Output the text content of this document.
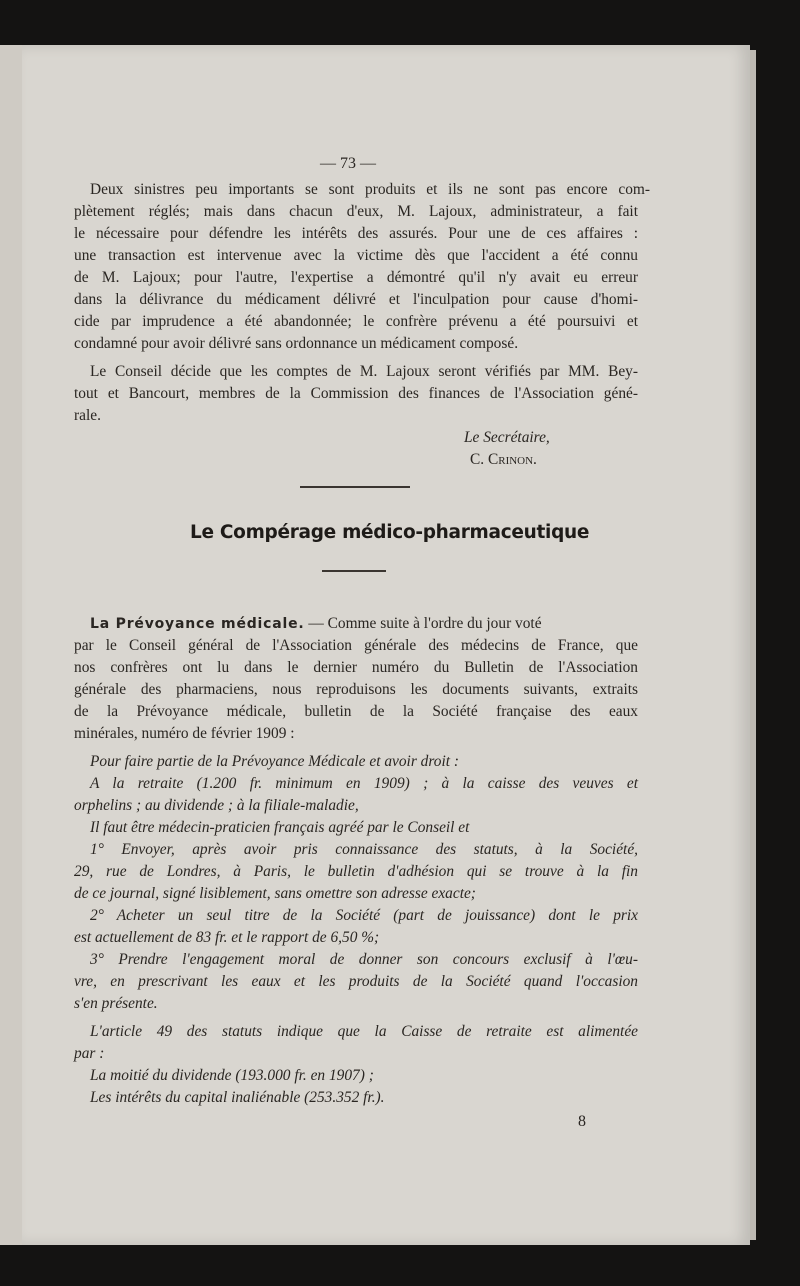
— 73 —
Deux sinistres peu importants se sont produits et ils ne sont pas encore com-
plètement réglés; mais dans chacun d'eux, M. Lajoux, administrateur, a fait
le nécessaire pour défendre les intérêts des assurés. Pour une de ces affaires :
une transaction est intervenue avec la victime dès que l'accident a été connu
de M. Lajoux; pour l'autre, l'expertise a démontré qu'il n'y avait eu erreur
dans la délivrance du médicament délivré et l'inculpation pour cause d'homi-
cide par imprudence a été abandonnée; le confrère prévenu a été poursuivi et
condamné pour avoir délivré sans ordonnance un médicament composé.
Le Conseil décide que les comptes de M. Lajoux seront vérifiés par MM. Bey-
tout et Bancourt, membres de la Commission des finances de l'Association géné-
rale.
Le Secrétaire,
C. Crinon.
Le Compérage médico-pharmaceutique
La Prévoyance médicale. — Comme suite à l'ordre du jour voté
par le Conseil général de l'Association générale des médecins de France, que
nos confrères ont lu dans le dernier numéro du Bulletin de l'Association
générale des pharmaciens, nous reproduisons les documents suivants, extraits
de la Prévoyance médicale, bulletin de la Société française des eaux
minérales, numéro de février 1909 :
Pour faire partie de la Prévoyance Médicale et avoir droit :
A la retraite (1.200 fr. minimum en 1909) ; à la caisse des veuves et
orphelins ; au dividende ; à la filiale-maladie,
Il faut être médecin-praticien français agréé par le Conseil et
1° Envoyer, après avoir pris connaissance des statuts, à la Société,
29, rue de Londres, à Paris, le bulletin d'adhésion qui se trouve à la fin
de ce journal, signé lisiblement, sans omettre son adresse exacte;
2° Acheter un seul titre de la Société (part de jouissance) dont le prix
est actuellement de 83 fr. et le rapport de 6,50 %;
3° Prendre l'engagement moral de donner son concours exclusif à l'œu-
vre, en prescrivant les eaux et les produits de la Société quand l'occasion
s'en présente.
L'article 49 des statuts indique que la Caisse de retraite est alimentée
par :
La moitié du dividende (193.000 fr. en 1907) ;
Les intérêts du capital inaliénable (253.352 fr.).
8
